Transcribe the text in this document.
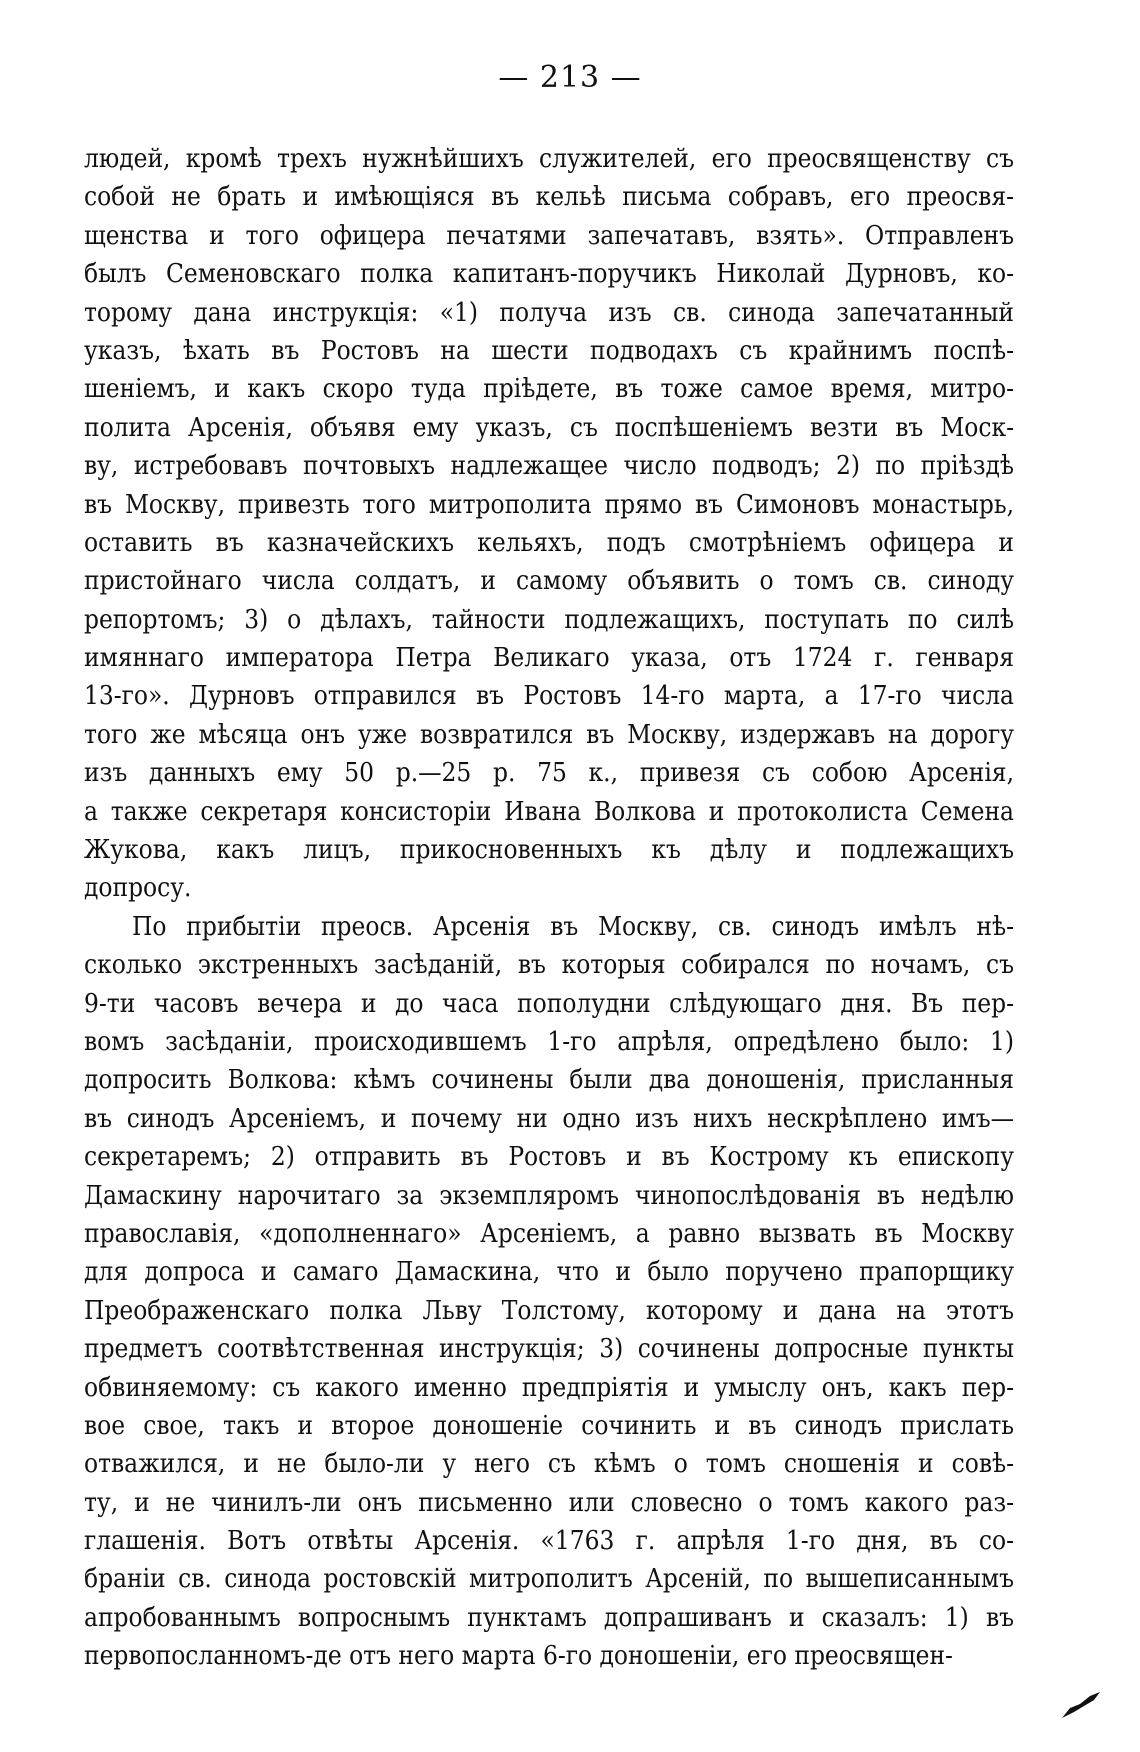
— 213 —
людей, кромѣ трехъ нужнѣйшихъ служителей, его преосвященству съ
собой не брать и имѣющіяся въ кельѣ письма собравъ, его преосвя-
щенства и того офицера печатями запечатавъ, взять». Отправленъ
былъ Семеновскаго полка капитанъ-поручикъ Николай Дурновъ, ко-
торому дана инструкція: «1) получа изъ св. синода запечатанный
указъ, ѣхать въ Ростовъ на шести подводахъ съ крайнимъ поспѣ-
шеніемъ, и какъ скоро туда пріѣдете, въ тоже самое время, митро-
полита Арсенія, объявя ему указъ, съ поспѣшеніемъ везти въ Моск-
ву, истребовавъ почтовыхъ надлежащее число подводъ; 2) по пріѣздѣ
въ Москву, привезть того митрополита прямо въ Симоновъ монастырь,
оставить въ казначейскихъ кельяхъ, подъ смотрѣніемъ офицера и
пристойнаго числа солдатъ, и самому объявить о томъ св. синоду
репортомъ; 3) о дѣлахъ, тайности подлежащихъ, поступать по силѣ
имяннаго императора Петра Великаго указа, отъ 1724 г. генваря
13-го». Дурновъ отправился въ Ростовъ 14-го марта, а 17-го числа
того же мѣсяца онъ уже возвратился въ Москву, издержавъ на дорогу
изъ данныхъ ему 50 р.—25 р. 75 к., привезя съ собою Арсенія,
а также секретаря консисторіи Ивана Волкова и протоколиста Семена
Жукова, какъ лицъ, прикосновенныхъ къ дѣлу и подлежащихъ
допросу.
По прибытіи преосв. Арсенія въ Москву, св. синодъ имѣлъ нѣ-
сколько экстренныхъ засѣданій, въ которыя собирался по ночамъ, съ
9-ти часовъ вечера и до часа пополудни слѣдующаго дня. Въ пер-
вомъ засѣданіи, происходившемъ 1-го апрѣля, опредѣлено было: 1)
допросить Волкова: кѣмъ сочинены были два доношенія, присланныя
въ синодъ Арсеніемъ, и почему ни одно изъ нихъ нескрѣплено имъ—
секретаремъ; 2) отправить въ Ростовъ и въ Кострому къ епископу
Дамаскину нарочитаго за экземпляромъ чинопослѣдованія въ недѣлю
православія, «дополненнаго» Арсеніемъ, а равно вызвать въ Москву
для допроса и самаго Дамаскина, что и было поручено прапорщику
Преображенскаго полка Льву Толстому, которому и дана на этотъ
предметъ соотвѣтственная инструкція; 3) сочинены допросные пункты
обвиняемому: съ какого именно предпріятія и умыслу онъ, какъ пер-
вое свое, такъ и второе доношеніе сочинить и въ синодъ прислать
отважился, и не было-ли у него съ кѣмъ о томъ сношенія и совѣ-
ту, и не чинилъ-ли онъ письменно или словесно о томъ какого раз-
глашенія. Вотъ отвѣты Арсенія. «1763 г. апрѣля 1-го дня, въ со-
браніи св. синода ростовскій митрополитъ Арсеній, по вышеписаннымъ
апробованнымъ вопроснымъ пунктамъ допрашиванъ и сказалъ: 1) въ
первопосланномъ-де отъ него марта 6-го доношеніи, его преосвящен-
